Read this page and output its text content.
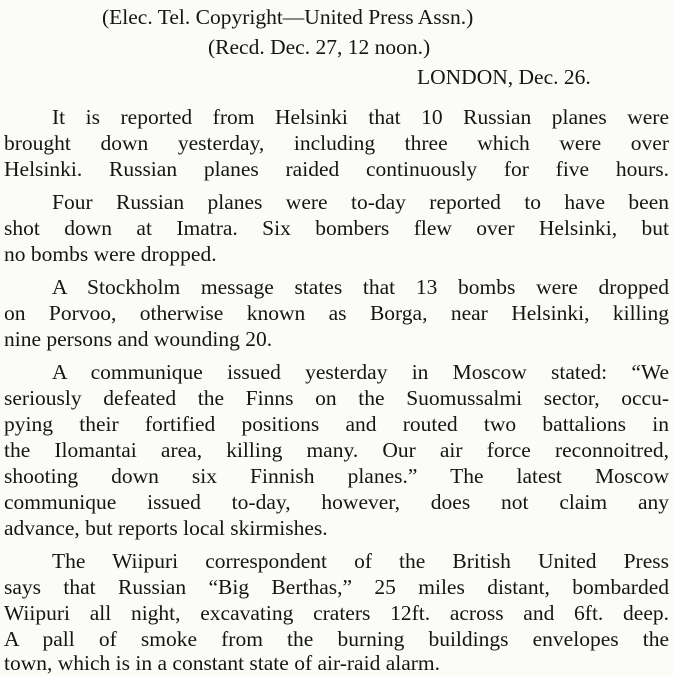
(Elec. Tel. Copyright—United Press Assn.)
(Recd. Dec. 27, 12 noon.)
LONDON, Dec. 26.
It is reported from Helsinki that 10 Russian planes were
brought down yesterday, including three which were over
Helsinki. Russian planes raided continuously for five hours.
Four Russian planes were to-day reported to have been
shot down at Imatra. Six bombers flew over Helsinki, but
no bombs were dropped.
A Stockholm message states that 13 bombs were dropped
on Porvoo, otherwise known as Borga, near Helsinki, killing
nine persons and wounding 20.
A communique issued yesterday in Moscow stated: “We
seriously defeated the Finns on the Suomussalmi sector, occu-
pying their fortified positions and routed two battalions in
the Ilomantai area, killing many. Our air force reconnoitred,
shooting down six Finnish planes.” The latest Moscow
communique issued to-day, however, does not claim any
advance, but reports local skirmishes.
The Wiipuri correspondent of the British United Press
says that Russian “Big Berthas,” 25 miles distant, bombarded
Wiipuri all night, excavating craters 12ft. across and 6ft. deep.
A pall of smoke from the burning buildings envelopes the
town, which is in a constant state of air-raid alarm.
